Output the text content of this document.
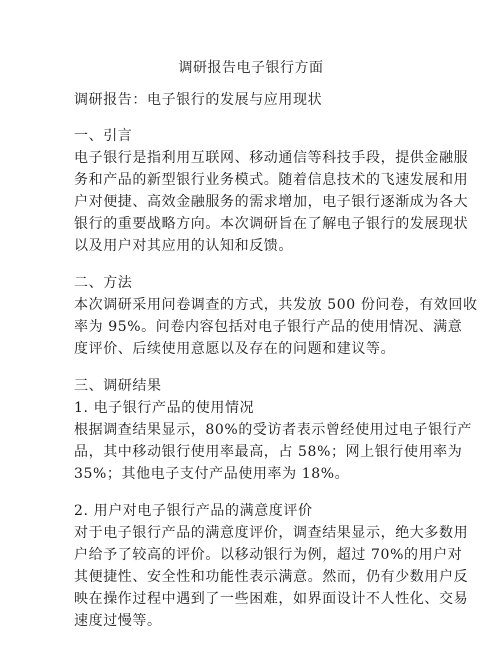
调研报告电子银行方面
调研报告：电子银行的发展与应用现状
一、引言
电子银行是指利用互联网、移动通信等科技手段，提供金融服
务和产品的新型银行业务模式。随着信息技术的飞速发展和用
户对便捷、高效金融服务的需求增加，电子银行逐渐成为各大
银行的重要战略方向。本次调研旨在了解电子银行的发展现状
以及用户对其应用的认知和反馈。
二、方法
本次调研采用问卷调查的方式，共发放 500 份问卷，有效回收
率为 95%。问卷内容包括对电子银行产品的使用情况、满意
度评价、后续使用意愿以及存在的问题和建议等。
三、调研结果
1. 电子银行产品的使用情况
根据调查结果显示，80%的受访者表示曾经使用过电子银行产
品，其中移动银行使用率最高，占 58%；网上银行使用率为
35%；其他电子支付产品使用率为 18%。
2. 用户对电子银行产品的满意度评价
对于电子银行产品的满意度评价，调查结果显示，绝大多数用
户给予了较高的评价。以移动银行为例，超过 70%的用户对
其便捷性、安全性和功能性表示满意。然而，仍有少数用户反
映在操作过程中遇到了一些困难，如界面设计不人性化、交易
速度过慢等。
